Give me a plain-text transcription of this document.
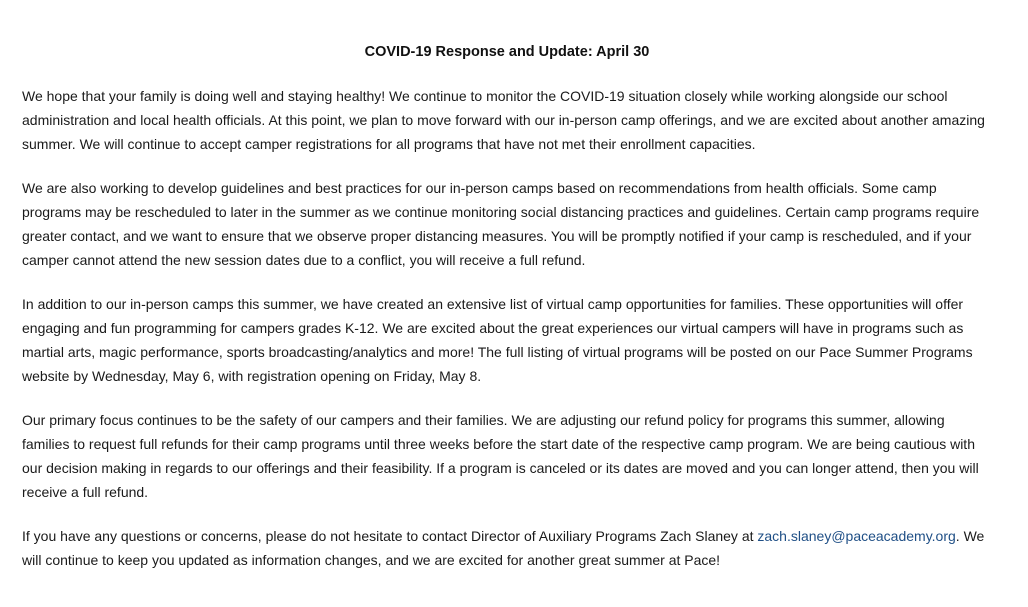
COVID-19 Response and Update: April 30

We hope that your family is doing well and staying healthy! We continue to monitor the COVID-19 situation closely while working alongside our school administration and local health officials. At this point, we plan to move forward with our in-person camp offerings, and we are excited about another amazing summer. We will continue to accept camper registrations for all programs that have not met their enrollment capacities.

We are also working to develop guidelines and best practices for our in-person camps based on recommendations from health officials. Some camp programs may be rescheduled to later in the summer as we continue monitoring social distancing practices and guidelines. Certain camp programs require greater contact, and we want to ensure that we observe proper distancing measures. You will be promptly notified if your camp is rescheduled, and if your camper cannot attend the new session dates due to a conflict, you will receive a full refund.

In addition to our in-person camps this summer, we have created an extensive list of virtual camp opportunities for families. These opportunities will offer engaging and fun programming for campers grades K-12. We are excited about the great experiences our virtual campers will have in programs such as martial arts, magic performance, sports broadcasting/analytics and more! The full listing of virtual programs will be posted on our Pace Summer Programs website by Wednesday, May 6, with registration opening on Friday, May 8.

Our primary focus continues to be the safety of our campers and their families. We are adjusting our refund policy for programs this summer, allowing families to request full refunds for their camp programs until three weeks before the start date of the respective camp program. We are being cautious with our decision making in regards to our offerings and their feasibility. If a program is canceled or its dates are moved and you can longer attend, then you will receive a full refund.

If you have any questions or concerns, please do not hesitate to contact Director of Auxiliary Programs Zach Slaney at zach.slaney@paceacademy.org. We will continue to keep you updated as information changes, and we are excited for another great summer at Pace!
